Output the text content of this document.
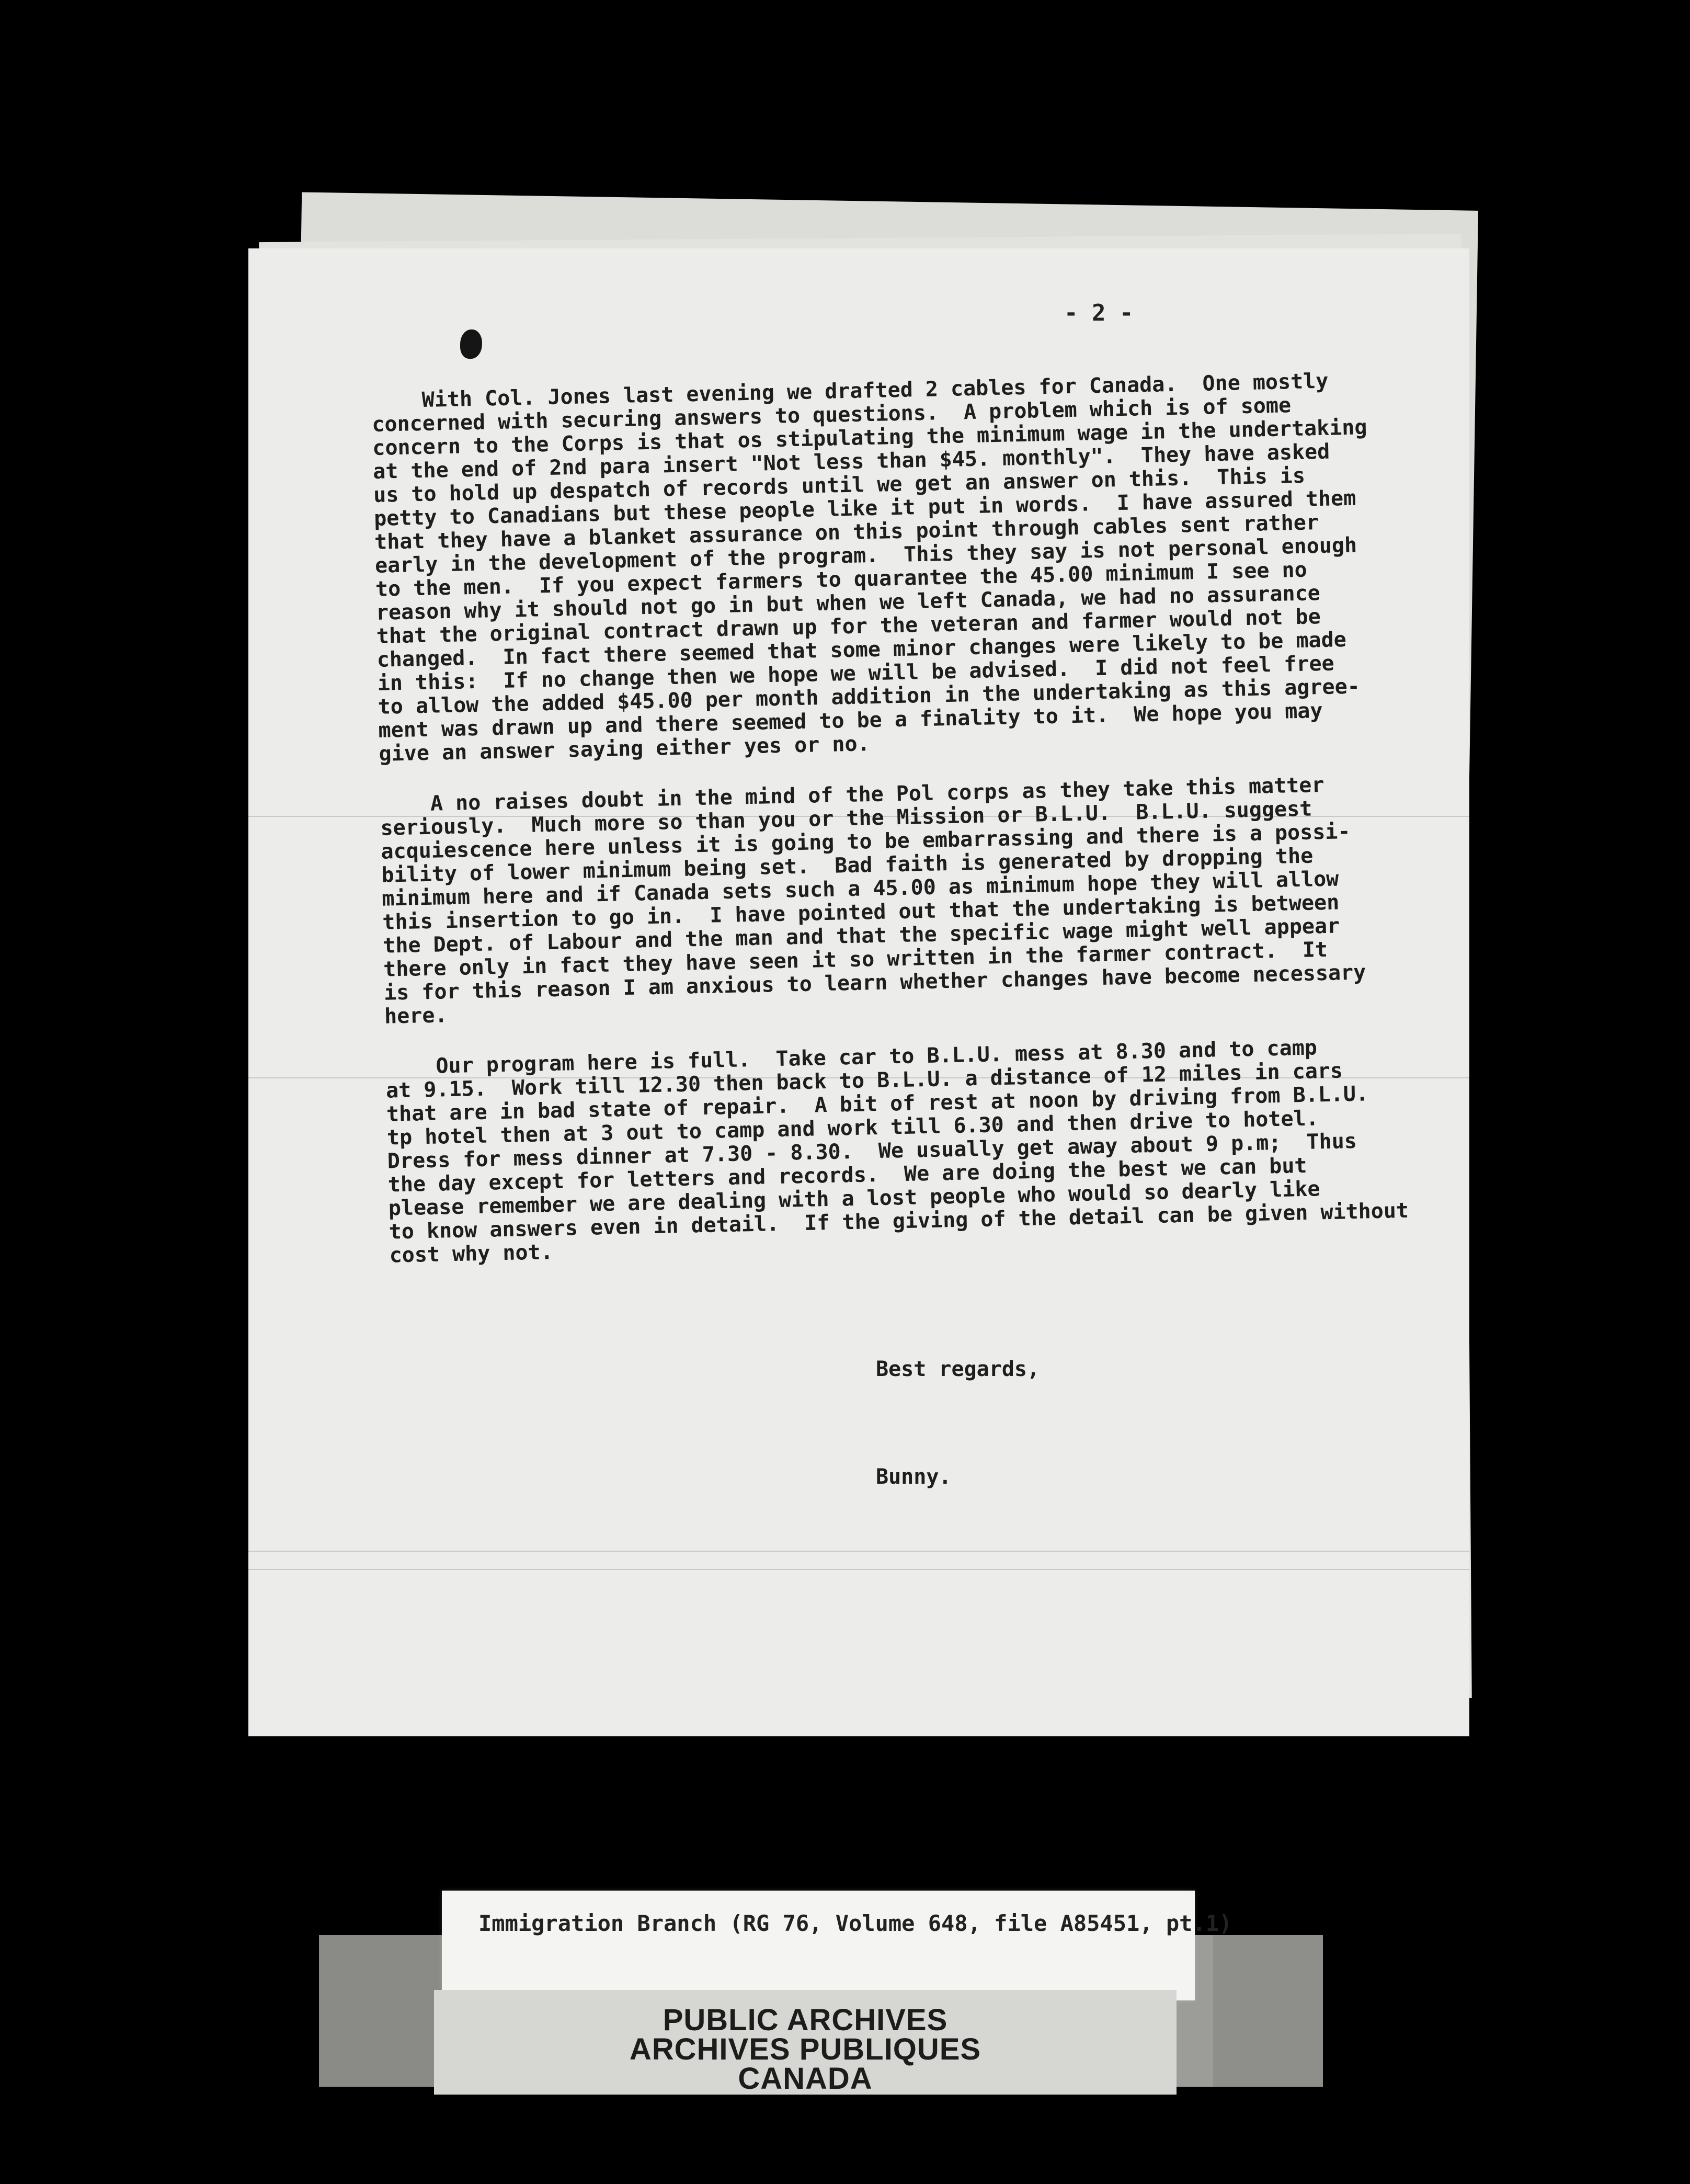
- 2 -

With Col. Jones last evening we drafted 2 cables for Canada.  One mostly
concerned with securing answers to questions.  A problem which is of some
concern to the Corps is that os stipulating the minimum wage in the undertaking
at the end of 2nd para insert "Not less than $45. monthly".  They have asked
us to hold up despatch of records until we get an answer on this.  This is
petty to Canadians but these people like it put in words.  I have assured them
that they have a blanket assurance on this point through cables sent rather
early in the development of the program.  This they say is not personal enough
to the men.  If you expect farmers to quarantee the 45.00 minimum I see no
reason why it should not go in but when we left Canada, we had no assurance
that the original contract drawn up for the veteran and farmer would not be
changed.  In fact there seemed that some minor changes were likely to be made
in this:  If no change then we hope we will be advised.  I did not feel free
to allow the added $45.00 per month addition in the undertaking as this agree-
ment was drawn up and there seemed to be a finality to it.  We hope you may
give an answer saying either yes or no.

A no raises doubt in the mind of the Pol corps as they take this matter
seriously.  Much more so than you or the Mission or B.L.U.  B.L.U. suggest
acquiescence here unless it is going to be embarrassing and there is a possi-
bility of lower minimum being set.  Bad faith is generated by dropping the
minimum here and if Canada sets such a 45.00 as minimum hope they will allow
this insertion to go in.  I have pointed out that the undertaking is between
the Dept. of Labour and the man and that the specific wage might well appear
there only in fact they have seen it so written in the farmer contract.  It
is for this reason I am anxious to learn whether changes have become necessary
here.

Our program here is full.  Take car to B.L.U. mess at 8.30 and to camp
at 9.15.  Work till 12.30 then back to B.L.U. a distance of 12 miles in cars
that are in bad state of repair.  A bit of rest at noon by driving from B.L.U.
tp hotel then at 3 out to camp and work till 6.30 and then drive to hotel.
Dress for mess dinner at 7.30 - 8.30.  We usually get away about 9 p.m;  Thus
the day except for letters and records.  We are doing the best we can but
please remember we are dealing with a lost people who would so dearly like
to know answers even in detail.  If the giving of the detail can be given without
cost why not.

Best regards,
Bunny.
Immigration Branch (RG 76, Volume 648, file A85451, pt.1)
PUBLIC ARCHIVES
ARCHIVES PUBLIQUES
CANADA
